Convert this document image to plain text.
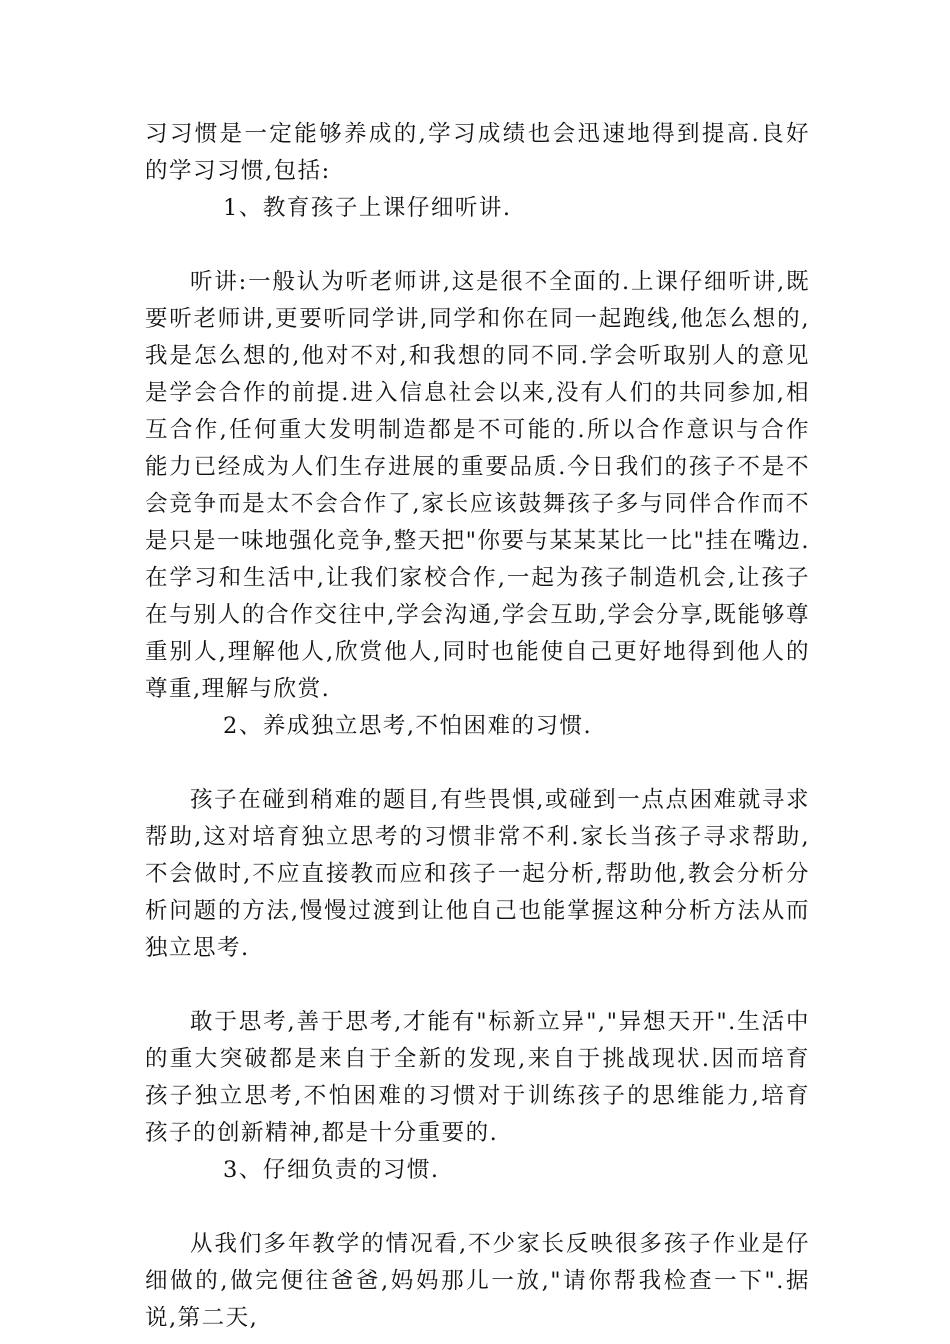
习习惯是一定能够养成的,学习成绩也会迅速地得到提高.良好的学习习惯,包括:

1、教育孩子上课仔细听讲.

听讲:一般认为听老师讲,这是很不全面的.上课仔细听讲,既要听老师讲,更要听同学讲,同学和你在同一起跑线,他怎么想的,我是怎么想的,他对不对,和我想的同不同.学会听取别人的意见是学会合作的前提.进入信息社会以来,没有人们的共同参加,相互合作,任何重大发明制造都是不可能的.所以合作意识与合作能力已经成为人们生存进展的重要品质.今日我们的孩子不是不会竞争而是太不会合作了,家长应该鼓舞孩子多与同伴合作而不是只是一味地强化竞争,整天把"你要与某某某比一比"挂在嘴边.在学习和生活中,让我们家校合作,一起为孩子制造机会,让孩子在与别人的合作交往中,学会沟通,学会互助,学会分享,既能够尊重别人,理解他人,欣赏他人,同时也能使自己更好地得到他人的尊重,理解与欣赏.

2、养成独立思考,不怕困难的习惯.

孩子在碰到稍难的题目,有些畏惧,或碰到一点点困难就寻求帮助,这对培育独立思考的习惯非常不利.家长当孩子寻求帮助,不会做时,不应直接教而应和孩子一起分析,帮助他,教会分析分析问题的方法,慢慢过渡到让他自己也能掌握这种分析方法从而独立思考.

敢于思考,善于思考,才能有"标新立异","异想天开".生活中的重大突破都是来自于全新的发现,来自于挑战现状.因而培育孩子独立思考,不怕困难的习惯对于训练孩子的思维能力,培育孩子的创新精神,都是十分重要的.

3、仔细负责的习惯.

从我们多年教学的情况看,不少家长反映很多孩子作业是仔细做的,做完便往爸爸,妈妈那儿一放,"请你帮我检查一下".据说,第二天,
